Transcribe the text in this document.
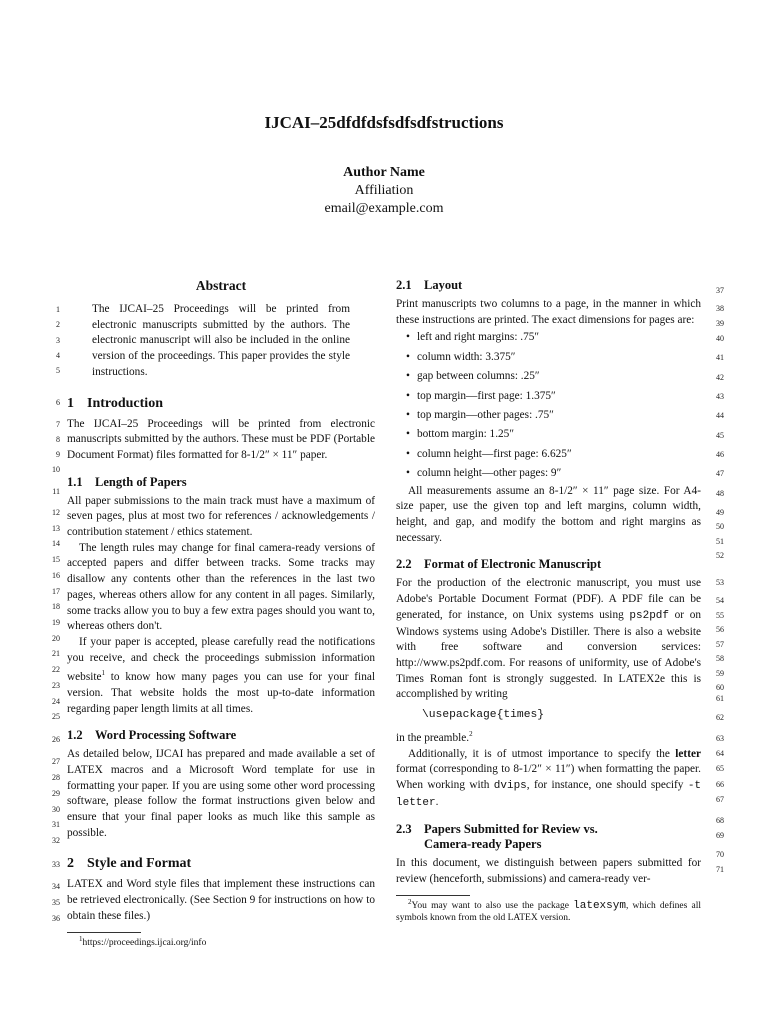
IJCAI–25dfdfdsfsdfsdfstructions
Author Name
Affiliation
email@example.com
Abstract

The IJCAI–25 Proceedings will be printed from electronic manuscripts submitted by the authors. The electronic manuscript will also be included in the online version of the proceedings. This paper provides the style instructions.

1 Introduction

The IJCAI–25 Proceedings will be printed from electronic manuscripts submitted by the authors. These must be PDF (Portable Document Format) files formatted for 8-1/2″ × 11″ paper.

1.1 Length of Papers

All paper submissions to the main track must have a maximum of seven pages, plus at most two for references / acknowledgements / contribution statement / ethics statement.

The length rules may change for final camera-ready versions of accepted papers and differ between tracks. Some tracks may disallow any contents other than the references in the last two pages, whereas others allow for any content in all pages. Similarly, some tracks allow you to buy a few extra pages should you want to, whereas others don't.

If your paper is accepted, please carefully read the notifications you receive, and check the proceedings submission information website$^1$ to know how many pages you can use for your final version. That website holds the most up-to-date information regarding paper length limits at all times.

1.2 Word Processing Software

As detailed below, IJCAI has prepared and made available a set of LATEX macros and a Microsoft Word template for use in formatting your paper. If you are using some other word processing software, please follow the format instructions given below and ensure that your final paper looks as much like this sample as possible.

2 Style and Format

LATEX and Word style files that implement these instructions can be retrieved electronically. (See Section 9 for instructions on how to obtain these files.)

$^1$https://proceedings.ijcai.org/info

2.1 Layout

Print manuscripts two columns to a page, in the manner in which these instructions are printed. The exact dimensions for pages are:

• left and right margins: .75″
• column width: 3.375″
• gap between columns: .25″
• top margin—first page: 1.375″
• top margin—other pages: .75″
• bottom margin: 1.25″
• column height—first page: 6.625″
• column height—other pages: 9″

All measurements assume an 8-1/2″ × 11″ page size. For A4-size paper, use the given top and left margins, column width, height, and gap, and modify the bottom and right margins as necessary.

2.2 Format of Electronic Manuscript

For the production of the electronic manuscript, you must use Adobe's Portable Document Format (PDF). A PDF file can be generated, for instance, on Unix systems using ps2pdf or on Windows systems using Adobe's Distiller. There is also a website with free software and conversion services: http://www.ps2pdf.com. For reasons of uniformity, use of Adobe's Times Roman font is strongly suggested. In LATEX2e this is accomplished by writing

\usepackage{times}

in the preamble.$^2$

Additionally, it is of utmost importance to specify the letter format (corresponding to 8-1/2″ × 11″) when formatting the paper. When working with dvips, for instance, one should specify -t letter.

2.3 Papers Submitted for Review vs.
Camera-ready Papers

In this document, we distinguish between papers submitted for review (henceforth, submissions) and camera-ready ver-

$^2$You may want to also use the package latexsym, which defines all symbols known from the old LATEX version.

1
2
3
4
5
6
7
8
9
10
11
12
13
14
15
16
17
18
19
20
21
22
23
24
25
26
27
28
29
30
31
32
33
34
35
36
37
38
39
40
41
42
43
44
45
46
47
48
49
50
51
52
53
54
55
56
57
58
59
60
61
62
63
64
65
66
67
68
69
70
71
